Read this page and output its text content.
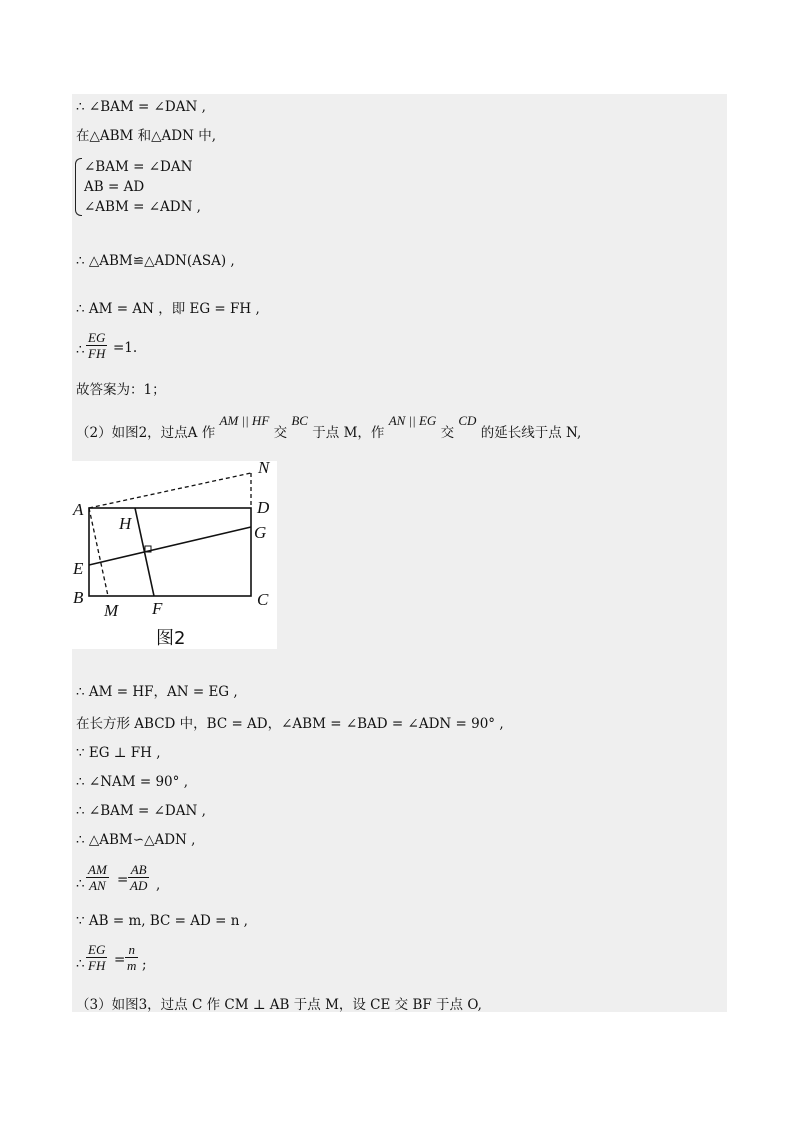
∴ ∠BAM = ∠DAN ,
在△ABM 和△ADN 中,
∠BAM = ∠DAN
AB = AD
∠ABM = ∠ADN ,
∴ △ABM≌△ADN(ASA) ,
∴ AM = AN ，即 EG = FH ,
∴ $\frac{EG}{FH} =1$.
故答案为：1；
（2）如图2，过点A 作 AM || HF 交 BC 于点 M，作 AN || EG 交 CD 的延长线于点 N,
A
B	C
D
E
F
G
H
M
N
图2
∴ AM = HF，AN = EG ,
在长方形 ABCD 中，BC = AD，∠ABM = ∠BAD = ∠ADN = 90° ,
∵ EG ⊥ FH ,
∴ ∠NAM = 90° ,
∴ ∠BAM = ∠DAN ,
∴ △ABM∽△ADN ,
∴ $\frac{AM}{AN} = \frac{AB}{AD}$ ,
∵ AB = m, BC = AD = n ,
∴ $\frac{EG}{FH} = \frac{n}{m}$ ;
（3）如图3，过点 C 作 CM ⊥ AB 于点 M，设 CE 交 BF 于点 O,
